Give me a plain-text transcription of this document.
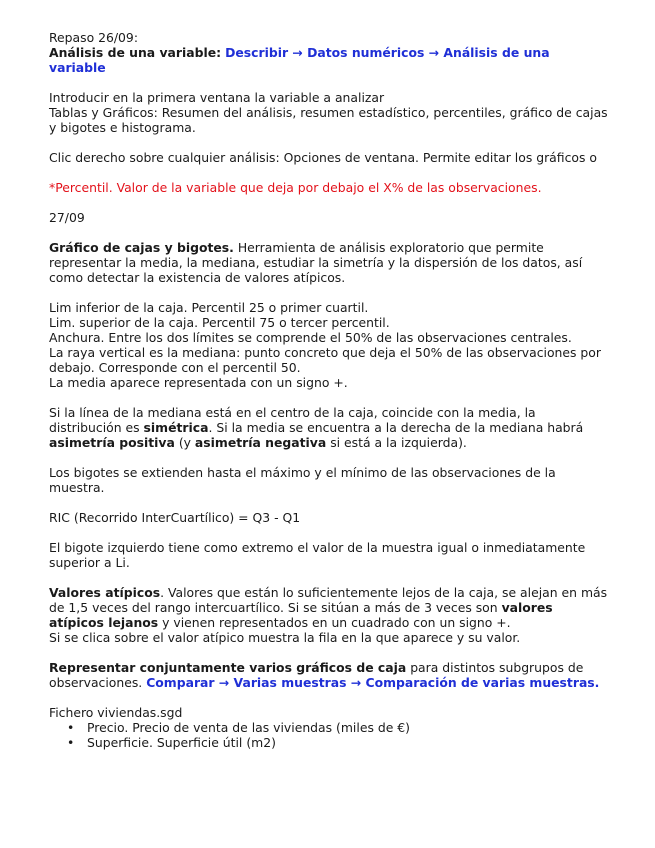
Repaso 26/09:

Análisis de una variable: Describir → Datos numéricos → Análisis de una variable

Introducir en la primera ventana la variable a analizar

Tablas y Gráficos: Resumen del análisis, resumen estadístico, percentiles, gráfico de cajas y bigotes e histograma.

Clic derecho sobre cualquier análisis: Opciones de ventana. Permite editar los gráficos o

*Percentil. Valor de la variable que deja por debajo el X% de las observaciones.

27/09

Gráfico de cajas y bigotes. Herramienta de análisis exploratorio que permite representar la media, la mediana, estudiar la simetría y la dispersión de los datos, así como detectar la existencia de valores atípicos.

Lim inferior de la caja. Percentil 25 o primer cuartil.

Lim. superior de la caja. Percentil 75 o tercer percentil.

Anchura. Entre los dos límites se comprende el 50% de las observaciones centrales.

La raya vertical es la mediana: punto concreto que deja el 50% de las observaciones por debajo. Corresponde con el percentil 50.

La media aparece representada con un signo +.

Si la línea de la mediana está en el centro de la caja, coincide con la media, la distribución es simétrica. Si la media se encuentra a la derecha de la mediana habrá asimetría positiva (y asimetría negativa si está a la izquierda).

Los bigotes se extienden hasta el máximo y el mínimo de las observaciones de la muestra.

RIC (Recorrido InterCuartílico) = Q3 - Q1

El bigote izquierdo tiene como extremo el valor de la muestra igual o inmediatamente superior a Li.

Valores atípicos. Valores que están lo suficientemente lejos de la caja, se alejan en más de 1,5 veces del rango intercuartílico. Si se sitúan a más de 3 veces son valores atípicos lejanos y vienen representados en un cuadrado con un signo +.

Si se clica sobre el valor atípico muestra la fila en la que aparece y su valor.

Representar conjuntamente varios gráficos de caja para distintos subgrupos de observaciones. Comparar → Varias muestras → Comparación de varias muestras.

Fichero viviendas.sgd

• Precio. Precio de venta de las viviendas (miles de €)
• Superficie. Superficie útil (m2)
